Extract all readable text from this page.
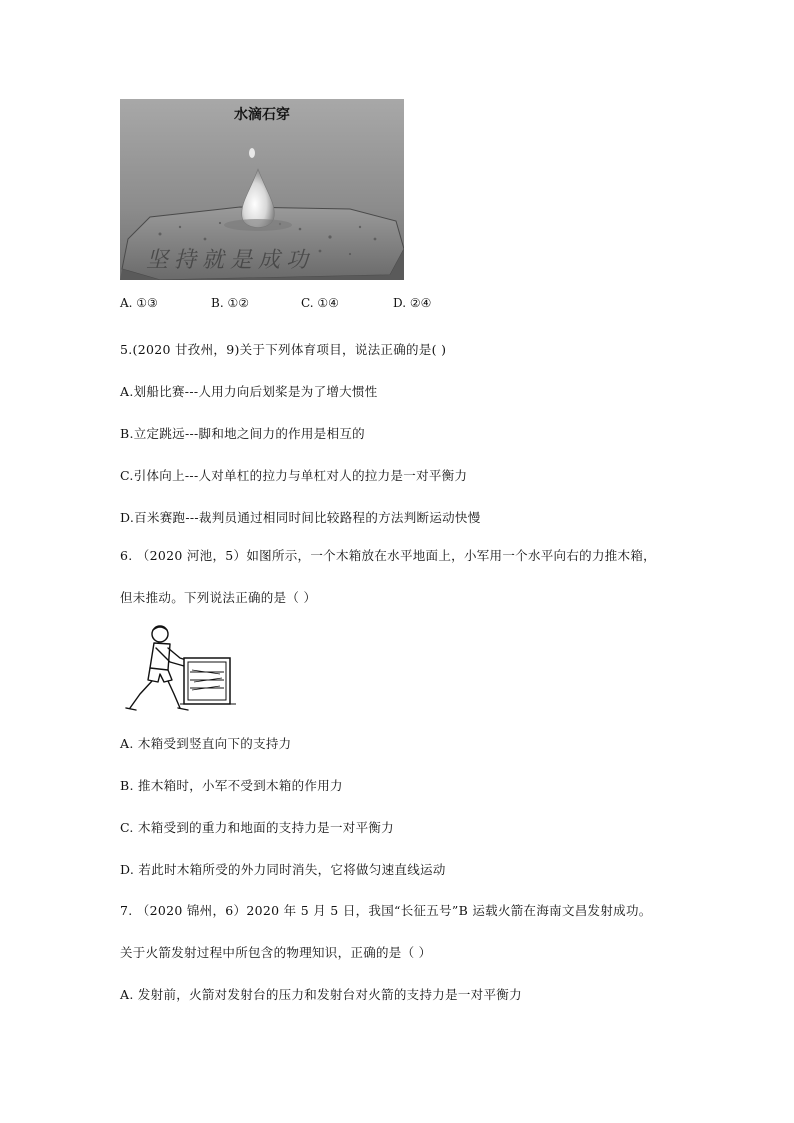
水滴石穿
坚持就是成功
A. ①③	B. ①②	C. ①④	D. ②④
5.(2020 甘孜州，9)关于下列体育项目，说法正确的是( )
A.划船比赛---人用力向后划桨是为了增大惯性
B.立定跳远---脚和地之间力的作用是相互的
C.引体向上---人对单杠的拉力与单杠对人的拉力是一对平衡力
D.百米赛跑---裁判员通过相同时间比较路程的方法判断运动快慢
6. （2020 河池，5）如图所示，一个木箱放在水平地面上，小军用一个水平向右的力推木箱，
但未推动。下列说法正确的是（ ）
A. 木箱受到竖直向下的支持力
B. 推木箱时，小军不受到木箱的作用力
C. 木箱受到的重力和地面的支持力是一对平衡力
D. 若此时木箱所受的外力同时消失，它将做匀速直线运动
7. （2020 锦州，6）2020 年 5 月 5 日，我国“长征五号”B 运载火箭在海南文昌发射成功。
关于火箭发射过程中所包含的物理知识，正确的是（ ）
A. 发射前，火箭对发射台的压力和发射台对火箭的支持力是一对平衡力
